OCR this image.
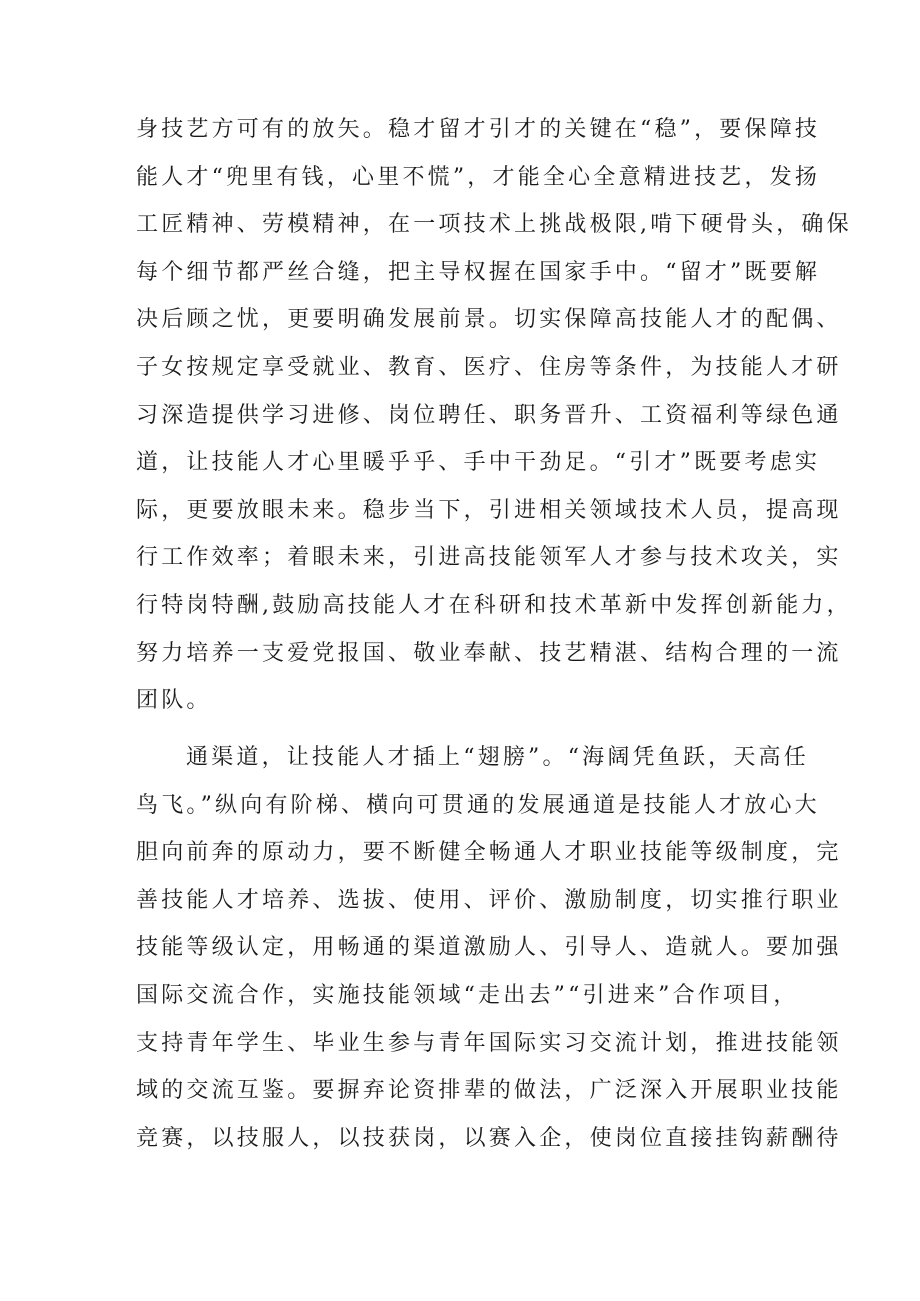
身技艺方可有的放矢。稳才留才引才的关键在“稳”，要保障技
能人才“兜里有钱，心里不慌”，才能全心全意精进技艺，发扬
工匠精神、劳模精神，在一项技术上挑战极限,啃下硬骨头，确保
每个细节都严丝合缝，把主导权握在国家手中。“留才”既要解
决后顾之忧，更要明确发展前景。切实保障高技能人才的配偶、
子女按规定享受就业、教育、医疗、住房等条件，为技能人才研
习深造提供学习进修、岗位聘任、职务晋升、工资福利等绿色通
道，让技能人才心里暖乎乎、手中干劲足。“引才”既要考虑实
际，更要放眼未来。稳步当下，引进相关领域技术人员，提高现
行工作效率；着眼未来，引进高技能领军人才参与技术攻关，实
行特岗特酬,鼓励高技能人才在科研和技术革新中发挥创新能力，
努力培养一支爱党报国、敬业奉献、技艺精湛、结构合理的一流
团队。
通渠道，让技能人才插上“翅膀”。“海阔凭鱼跃，天高任
鸟飞。”纵向有阶梯、横向可贯通的发展通道是技能人才放心大
胆向前奔的原动力，要不断健全畅通人才职业技能等级制度，完
善技能人才培养、选拔、使用、评价、激励制度，切实推行职业
技能等级认定，用畅通的渠道激励人、引导人、造就人。要加强
国际交流合作，实施技能领域“走出去”“引进来”合作项目，
支持青年学生、毕业生参与青年国际实习交流计划，推进技能领
域的交流互鉴。要摒弃论资排辈的做法，广泛深入开展职业技能
竞赛，以技服人，以技获岗，以赛入企，使岗位直接挂钩薪酬待
